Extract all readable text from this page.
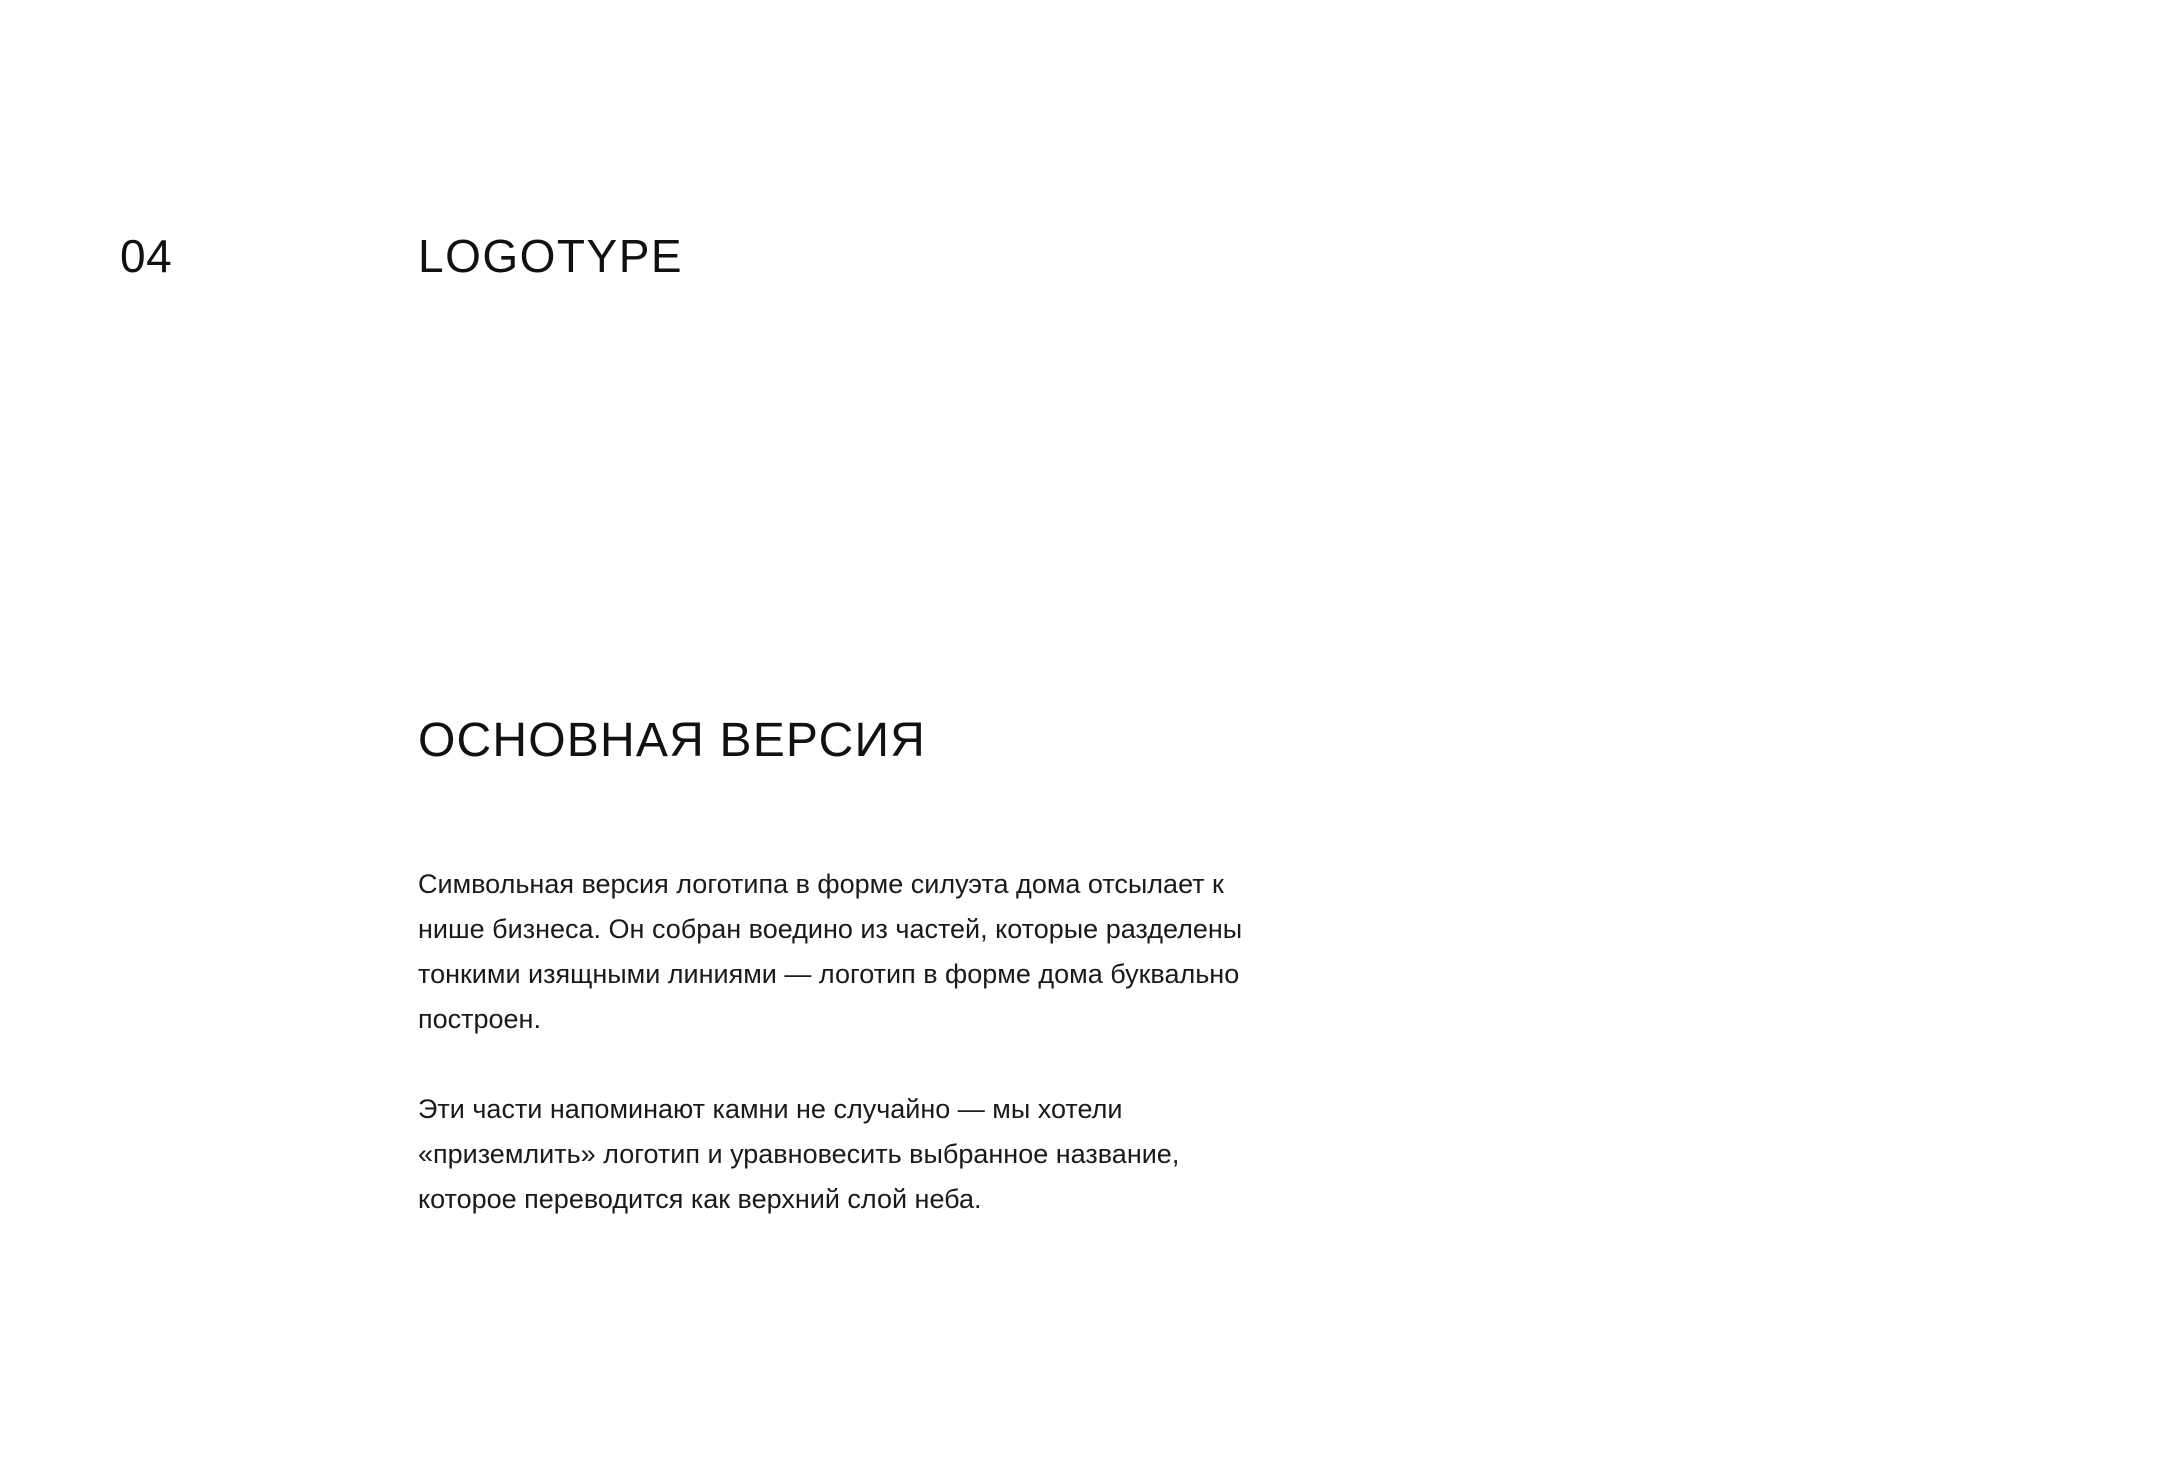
04	LOGOTYPE
ОСНОВНАЯ ВЕРСИЯ

Символьная версия логотипа в форме силуэта дома отсылает к нише бизнеса. Он собран воедино из частей, которые разделены тонкими изящными линиями — логотип в форме дома буквально построен.

Эти части напоминают камни не случайно — мы хотели «приземлить» логотип и уравновесить выбранное название, которое переводится как верхний слой неба.
